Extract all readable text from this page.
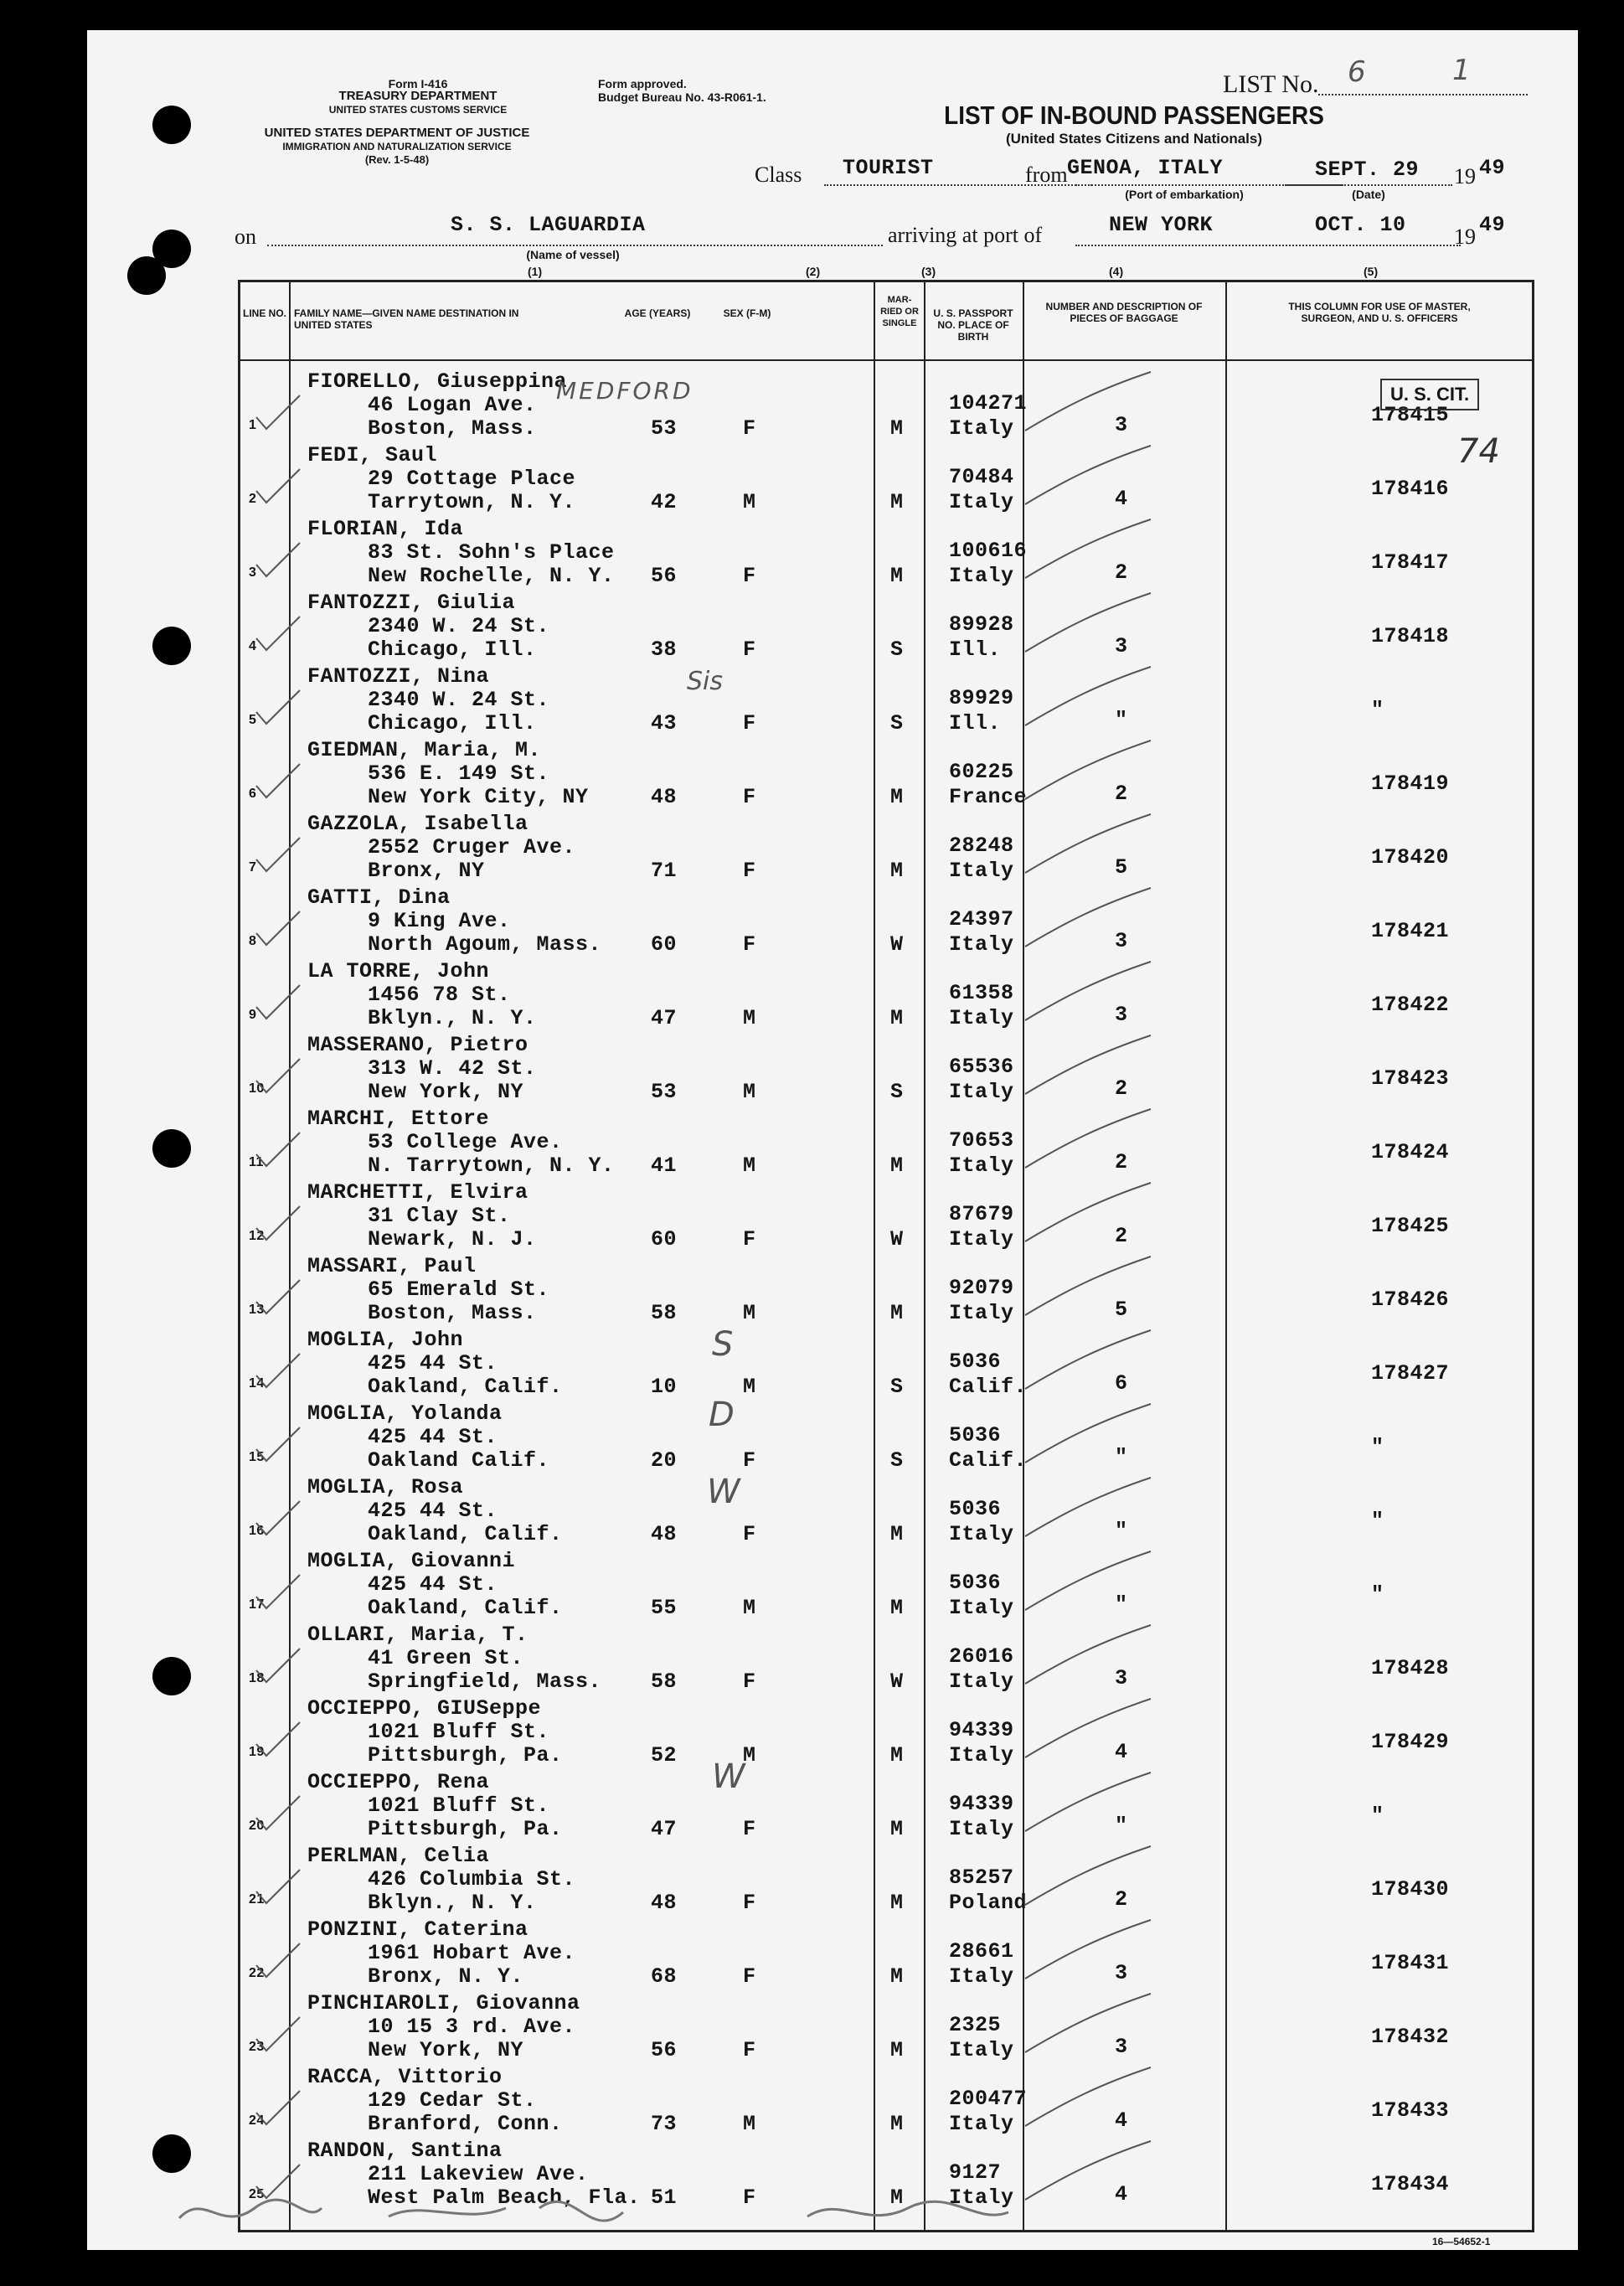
Form I-416
TREASURY DEPARTMENT
UNITED STATES CUSTOMS SERVICE
UNITED STATES DEPARTMENT OF JUSTICE
IMMIGRATION AND NATURALIZATION SERVICE
(Rev. 1-5-48)
Form approved.
Budget Bureau No. 43-R061-1.	LIST No. 6	1
LIST OF IN-BOUND PASSENGERS
(United States Citizens and Nationals)
Class TOURIST	from GENOA, ITALY
(Port of embarkation)
SEPT. 29
(Date)
19 49
on	S. S. LAGUARDIA
(Name of vessel)
arriving at port of	NEW YORK	OCT. 10 19 49
(1)	(2)	(3)	(4)	(5)
LINE NO. FAMILY NAME—GIVEN NAME DESTINATION IN UNITED STATES
AGE (YEARS)	SEX (F-M)
MAR-RIED OR SINGLE
U. S. PASSPORT NO. PLACE OF BIRTH
NUMBER AND DESCRIPTION OF PIECES OF BAGGAGE
THIS COLUMN FOR USE OF MASTER, SURGEON, AND U. S. OFFICERS
1
FIORELLO, Giuseppina
46 Logan Ave.
Boston, Mass.	53	F	M
104271
Italy	3	178415
2
FEDI, Saul
29 Cottage Place
Tarrytown, N. Y.	42	M	M
70484
Italy	4	178416
3
FLORIAN, Ida
83 St. Sohn's Place
New Rochelle, N. Y. 56	F	M
100616
Italy	2	178417
4
FANTOZZI, Giulia
2340 W. 24 St.
Chicago, Ill.	38	F	S
89928
Ill.	3	178418
5
FANTOZZI, Nina
2340 W. 24 St.
Chicago, Ill.	43	F	S
89929
Ill.	"	"
6
GIEDMAN, Maria, M.
536 E. 149 St.
New York City, NY	48	F	M
60225
France	2	178419
7
GAZZOLA, Isabella
2552 Cruger Ave.
Bronx, NY	71	F	M
28248
Italy	5	178420
8
GATTI, Dina
9 King Ave.
North Agoum, Mass. 60	F	W
24397
Italy	3	178421
9
LA TORRE, John
1456 78 St.
Bklyn., N. Y.	47	M	M
61358
Italy	3	178422
10
MASSERANO, Pietro
313 W. 42 St.
New York, NY	53	M	S
65536
Italy	2	178423
11
MARCHI, Ettore
53 College Ave.
N. Tarrytown, N. Y. 41	M	M
70653
Italy	2	178424
12
MARCHETTI, Elvira
31 Clay St.
Newark, N. J.	60	F	W
87679
Italy	2	178425
13
MASSARI, Paul
65 Emerald St.
Boston, Mass.	58	M	M
92079
Italy	5	178426
14
MOGLIA, John
425 44 St.
Oakland, Calif.	10	M	S
5036
Calif.	6	178427
15
MOGLIA, Yolanda
425 44 St.
Oakland Calif.	20	F	S
5036
Calif.	"	"
16
MOGLIA, Rosa
425 44 St.
Oakland, Calif.	48	F	M
5036
Italy	"	"
17
MOGLIA, Giovanni
425 44 St.
Oakland, Calif.	55	M	M
5036
Italy	"	"
18
OLLARI, Maria, T.
41 Green St.
Springfield, Mass. 58	F	W
26016
Italy	3	178428
19
OCCIEPPO, GIUSeppe
1021 Bluff St.
Pittsburgh, Pa.	52	M	M
94339
Italy	4	178429
20
OCCIEPPO, Rena
1021 Bluff St.
Pittsburgh, Pa.	47	F	M
94339
Italy	"	"
21
PERLMAN, Celia
426 Columbia St.
Bklyn., N. Y.	48	F	M
85257
Poland	2	178430
22
PONZINI, Caterina
1961 Hobart Ave.
Bronx, N. Y.	68	F	M
28661
Italy	3	178431
23
PINCHIAROLI, Giovanna
10 15 3 rd. Ave.
New York, NY	56	F	M
2325
Italy	3	178432
24
RACCA, Vittorio
129 Cedar St.
Branford, Conn.	73	M	M
200477
Italy	4	178433
25
RANDON, Santina
211 Lakeview Ave.
West Palm Beach, Fla. 51	F	M
9127
Italy	4	178434
MEDFORD	U. S. CIT.
74
Sis
S
D
W
W
16—54652-1
